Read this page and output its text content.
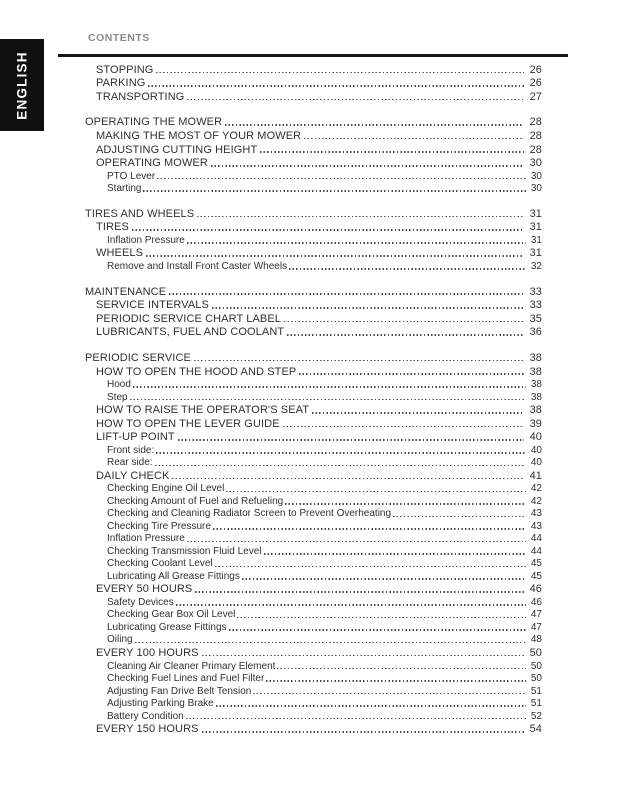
ENGLISH
CONTENTS
STOPPING	26
PARKING	26
TRANSPORTING	27
OPERATING THE MOWER	28
MAKING THE MOST OF YOUR MOWER	28
ADJUSTING CUTTING HEIGHT	28
OPERATING MOWER	30
PTO Lever	30
Starting	30
TIRES AND WHEELS	31
TIRES	31
Inflation Pressure	31
WHEELS	31
Remove and Install Front Caster Wheels	32
MAINTENANCE	33
SERVICE INTERVALS	33
PERIODIC SERVICE CHART LABEL	35
LUBRICANTS, FUEL AND COOLANT	36
PERIODIC SERVICE	38
HOW TO OPEN THE HOOD AND STEP	38
Hood	38
Step	38
HOW TO RAISE THE OPERATOR'S SEAT	38
HOW TO OPEN THE LEVER GUIDE	39
LIFT-UP POINT	40
Front side:	40
Rear side:	40
DAILY CHECK	41
Checking Engine Oil Level	42
Checking Amount of Fuel and Refueling	42
Checking and Cleaning Radiator Screen to Prevent Overheating	43
Checking Tire Pressure	43
Inflation Pressure	44
Checking Transmission Fluid Level	44
Checking Coolant Level	45
Lubricating All Grease Fittings	45
EVERY 50 HOURS	46
Safety Devices	46
Checking Gear Box Oil Level	47
Lubricating Grease Fittings	47
Oiling	48
EVERY 100 HOURS	50
Cleaning Air Cleaner Primary Element	50
Checking Fuel Lines and Fuel Filter	50
Adjusting Fan Drive Belt Tension	51
Adjusting Parking Brake	51
Battery Condition	52
EVERY 150 HOURS	54
